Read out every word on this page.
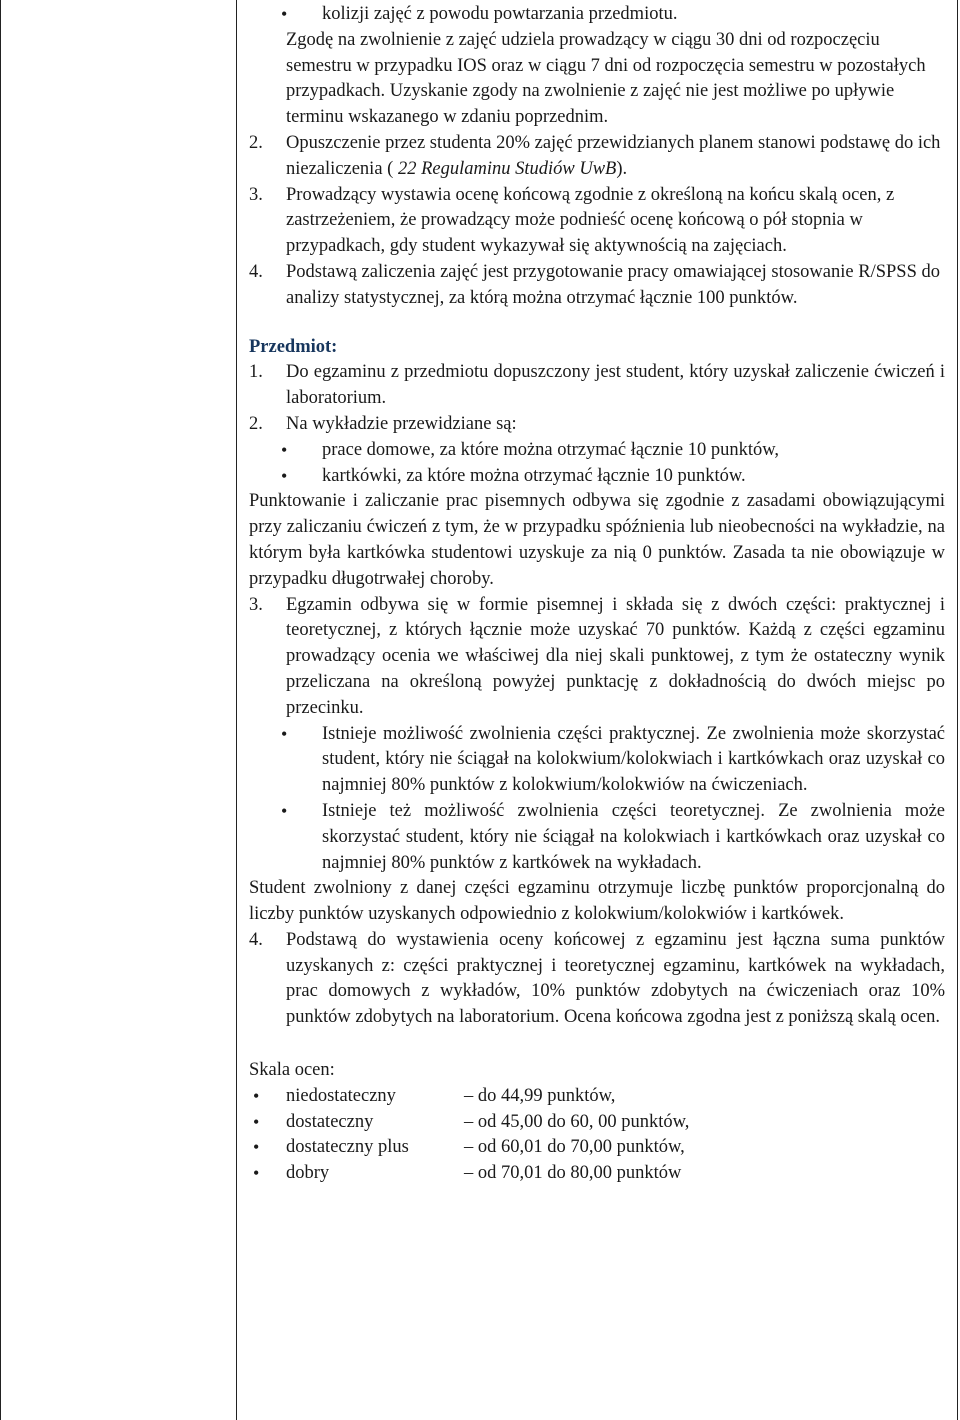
• kolizji zajęć z powodu powtarzania przedmiotu.

Zgodę na zwolnienie z zajęć udziela prowadzący w ciągu 30 dni od rozpoczęciu semestru w przypadku IOS oraz w ciągu 7 dni od rozpoczęcia semestru w pozostałych przypadkach. Uzyskanie zgody na zwolnienie z zajęć nie jest możliwe po upływie terminu wskazanego w zdaniu poprzednim.

2. Opuszczenie przez studenta 20% zajęć przewidzianych planem stanowi podstawę do ich niezaliczenia ( 22 Regulaminu Studiów UwB).

3. Prowadzący wystawia ocenę końcową zgodnie z określoną na końcu skalą ocen, z zastrzeżeniem, że prowadzący może podnieść ocenę końcową o pół stopnia w przypadkach, gdy student wykazywał się aktywnością na zajęciach.

4. Podstawą zaliczenia zajęć jest przygotowanie pracy omawiającej stosowanie R/SPSS do analizy statystycznej, za którą można otrzymać łącznie 100 punktów.

Przedmiot:

1. Do egzaminu z przedmiotu dopuszczony jest student, który uzyskał zaliczenie ćwiczeń i laboratorium.

2. Na wykładzie przewidziane są:

• prace domowe, za które można otrzymać łącznie 10 punktów,

• kartkówki, za które można otrzymać łącznie 10 punktów.

Punktowanie i zaliczanie prac pisemnych odbywa się zgodnie z zasadami obowiązującymi przy zaliczaniu ćwiczeń z tym, że w przypadku spóźnienia lub nieobecności na wykładzie, na którym była kartkówka studentowi uzyskuje za nią 0 punktów. Zasada ta nie obowiązuje w przypadku długotrwałej choroby.

3. Egzamin odbywa się w formie pisemnej i składa się z dwóch części: praktycznej i teoretycznej, z których łącznie może uzyskać 70 punktów. Każdą z części egzaminu prowadzący ocenia we właściwej dla niej skali punktowej, z tym że ostateczny wynik przeliczana na określoną powyżej punktację z dokładnością do dwóch miejsc po przecinku.

• Istnieje możliwość zwolnienia części praktycznej. Ze zwolnienia może skorzystać student, który nie ściągał na kolokwium/kolokwiach i kartkówkach oraz uzyskał co najmniej 80% punktów z kolokwium/kolokwiów na ćwiczeniach.

• Istnieje też możliwość zwolnienia części teoretycznej. Ze zwolnienia może skorzystać student, który nie ściągał na kolokwiach i kartkówkach oraz uzyskał co najmniej 80% punktów z kartkówek na wykładach.

Student zwolniony z danej części egzaminu otrzymuje liczbę punktów proporcjonalną do liczby punktów uzyskanych odpowiednio z kolokwium/kolokwiów i kartkówek.

4. Podstawą do wystawienia oceny końcowej z egzaminu jest łączna suma punktów uzyskanych z: części praktycznej i teoretycznej egzaminu, kartkówek na wykładach, prac domowych z wykładów, 10% punktów zdobytych na ćwiczeniach oraz 10% punktów zdobytych na laboratorium. Ocena końcowa zgodna jest z poniższą skalą ocen.

Skala ocen:

• niedostateczny	– do 44,99 punktów,

• dostateczny	– od 45,00 do 60, 00 punktów,

• dostateczny plus	– od 60,01 do 70,00 punktów,

• dobry	– od 70,01 do 80,00 punktów
